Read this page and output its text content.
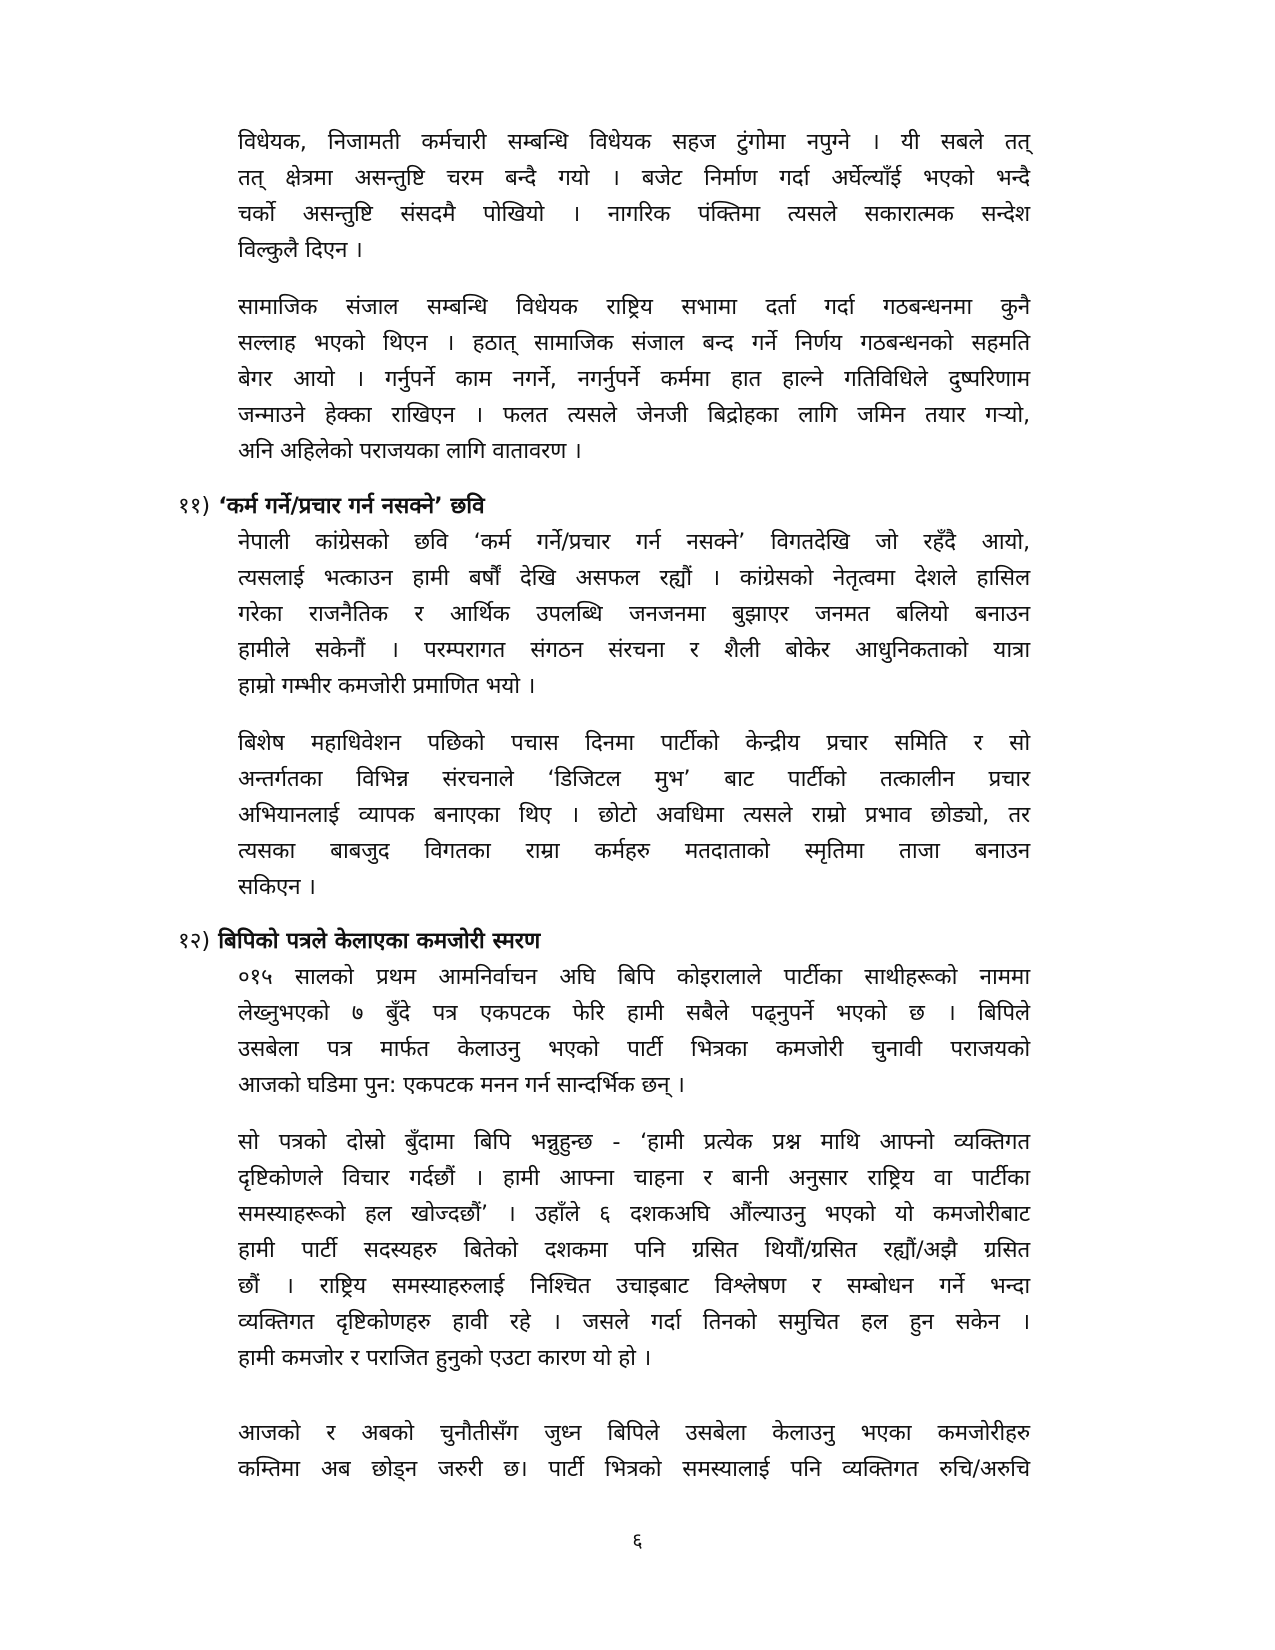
विधेयक, निजामती कर्मचारी सम्बन्धि विधेयक सहज टुंगोमा नपुग्ने । यी सबले तत्
तत् क्षेत्रमा असन्तुष्टि चरम बन्दै गयो । बजेट निर्माण गर्दा अर्घेल्याँई भएको भन्दै
चर्को असन्तुष्टि संसदमै पोखियो । नागरिक पंक्तिमा त्यसले सकारात्मक सन्देश
विल्कुलै दिएन ।
सामाजिक संजाल सम्बन्धि विधेयक राष्ट्रिय सभामा दर्ता गर्दा गठबन्धनमा कुनै
सल्लाह भएको थिएन । हठात् सामाजिक संजाल बन्द गर्ने निर्णय गठबन्धनको सहमति
बेगर आयो । गर्नुपर्ने काम नगर्ने, नगर्नुपर्ने कर्ममा हात हाल्ने गतिविधिले दुष्परिणाम
जन्माउने हेक्का राखिएन । फलत त्यसले जेनजी बिद्रोहका लागि जमिन तयार गऱ्यो,
अनि अहिलेको पराजयका लागि वातावरण ।
११) ‘कर्म गर्ने/प्रचार गर्न नसक्ने’ छवि
नेपाली कांग्रेसको छवि ‘कर्म गर्ने/प्रचार गर्न नसक्ने’ विगतदेखि जो रहँदै आयो,
त्यसलाई भत्काउन हामी बर्षौं देखि असफल रह्यौं । कांग्रेसको नेतृत्वमा देशले हासिल
गरेका राजनैतिक र आर्थिक उपलब्धि जनजनमा बुझाएर जनमत बलियो बनाउन
हामीले सकेनौं । परम्परागत संगठन संरचना र शैली बोकेर आधुनिकताको यात्रा
हाम्रो गम्भीर कमजोरी प्रमाणित भयो ।
बिशेष महाधिवेशन पछिको पचास दिनमा पार्टीको केन्द्रीय प्रचार समिति र सो
अन्तर्गतका विभिन्न संरचनाले ‘डिजिटल मुभ’ बाट पार्टीको तत्कालीन प्रचार
अभियानलाई व्यापक बनाएका थिए । छोटो अवधिमा त्यसले राम्रो प्रभाव छोड्यो, तर
त्यसका बाबजुद विगतका राम्रा कर्महरु मतदाताको स्मृतिमा ताजा बनाउन
सकिएन ।
१२) बिपिको पत्रले केलाएका कमजोरी स्मरण
०१५ सालको प्रथम आमनिर्वाचन अघि बिपि कोइरालाले पार्टीका साथीहरूको नाममा
लेख्नुभएको ७ बुँदे पत्र एकपटक फेरि हामी सबैले पढ्नुपर्ने भएको छ । बिपिले
उसबेला पत्र मार्फत केलाउनु भएको पार्टी भित्रका कमजोरी चुनावी पराजयको
आजको घडिमा पुन: एकपटक मनन गर्न सान्दर्भिक छन् ।
सो पत्रको दोस्रो बुँदामा बिपि भन्नुहुन्छ - ‘हामी प्रत्येक प्रश्न माथि आफ्नो व्यक्तिगत
दृष्टिकोणले विचार गर्दछौं । हामी आफ्ना चाहना र बानी अनुसार राष्ट्रिय वा पार्टीका
समस्याहरूको हल खोज्दछौं’ । उहाँले ६ दशकअघि औंल्याउनु भएको यो कमजोरीबाट
हामी पार्टी सदस्यहरु बितेको दशकमा पनि ग्रसित थियौं/ग्रसित रह्यौं/अझै ग्रसित
छौं । राष्ट्रिय समस्याहरुलाई निश्चित उचाइबाट विश्लेषण र सम्बोधन गर्ने भन्दा
व्यक्तिगत दृष्टिकोणहरु हावी रहे । जसले गर्दा तिनको समुचित हल हुन सकेन ।
हामी कमजोर र पराजित हुनुको एउटा कारण यो हो ।
आजको र अबको चुनौतीसँग जुध्न बिपिले उसबेला केलाउनु भएका कमजोरीहरु
कम्तिमा अब छोड्न जरुरी छ। पार्टी भित्रको समस्यालाई पनि व्यक्तिगत रुचि/अरुचि
६
